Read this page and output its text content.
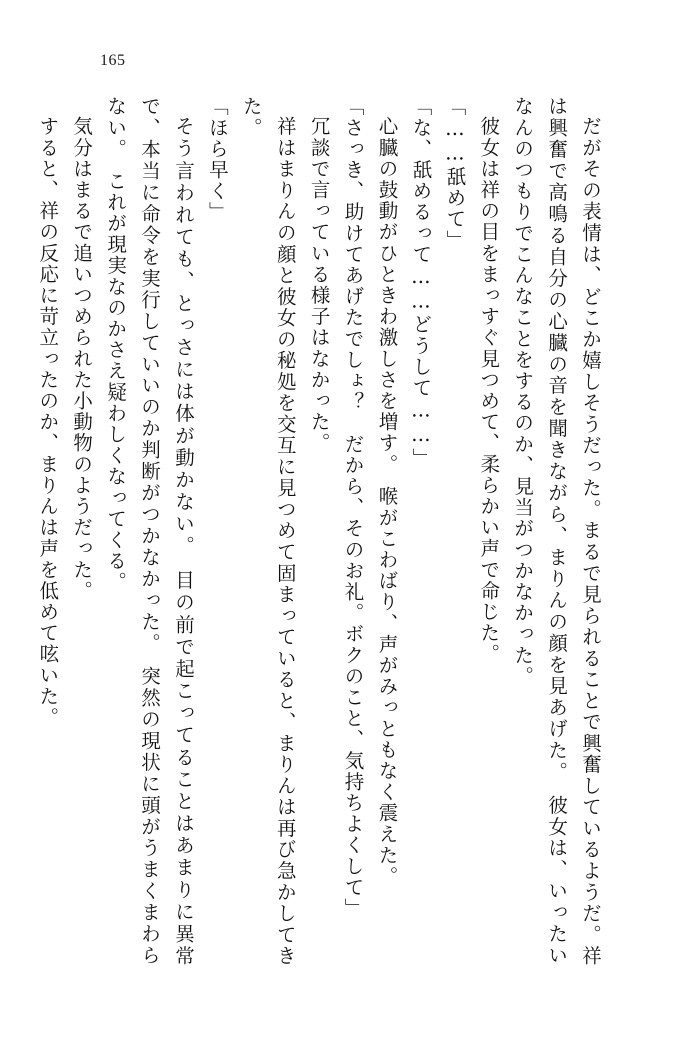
165

だがその表情は、どこか嬉しそうだった。まるで見られることで興奮しているようだ。祥は興奮で高鳴る自分の心臓の音を聞きながら、まりんの顔を見あげた。　彼女は、いったいなんのつもりでこんなことをするのか、見当がつかなかった。

彼女は祥の目をまっすぐ見つめて、柔らかい声で命じた。

「……舐めて」

「な、舐めるって……どうして……」

心臓の鼓動がひときわ激しさを増す。　喉がこわばり、声がみっともなく震えた。

「さっき、助けてあげたでしょ？　だから、そのお礼。ボクのこと、気持ちよくして」

冗談で言っている様子はなかった。

祥はまりんの顔と彼女の秘処を交互に見つめて固まっていると、まりんは再び急かしてきた。

「ほら早く」

そう言われても、とっさには体が動かない。　目の前で起こってることはあまりに異常で、本当に命令を実行していいのか判断がつかなかった。　突然の現状に頭がうまくまわらない。　これが現実なのかさえ疑わしくなってくる。

気分はまるで追いつめられた小動物のようだった。

すると、祥の反応に苛立ったのか、まりんは声を低めて呟いた。
